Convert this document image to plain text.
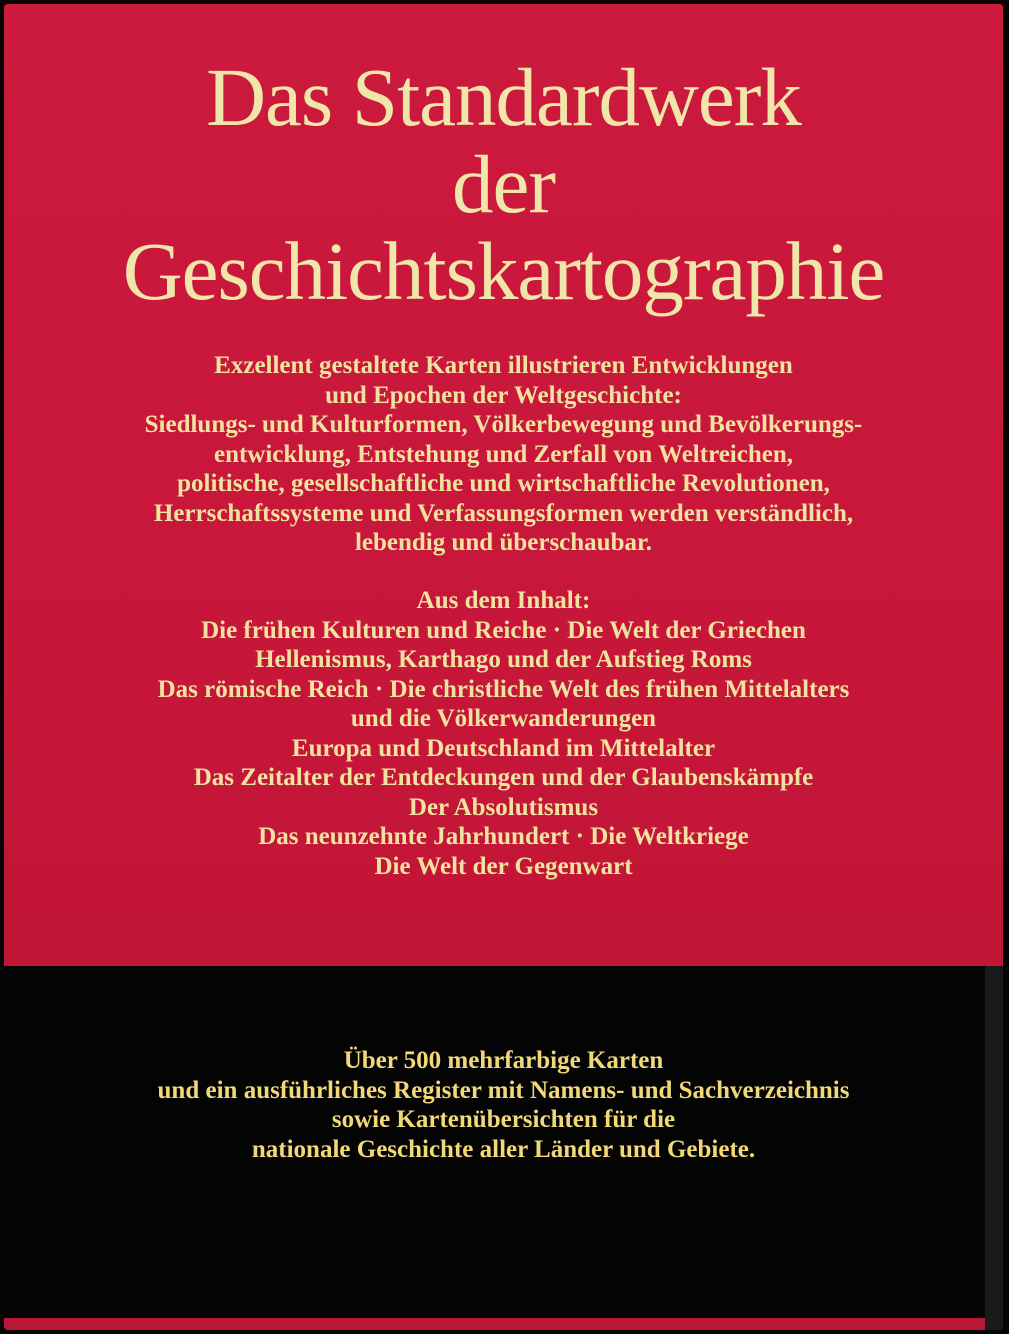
Das Standardwerk
der
Geschichtskartographie
Exzellent gestaltete Karten illustrieren Entwicklungen
und Epochen der Weltgeschichte:
Siedlungs- und Kulturformen, Völkerbewegung und Bevölkerungs-
entwicklung, Entstehung und Zerfall von Weltreichen,
politische, gesellschaftliche und wirtschaftliche Revolutionen,
Herrschaftssysteme und Verfassungsformen werden verständlich,
lebendig und überschaubar.
Aus dem Inhalt:
Die frühen Kulturen und Reiche · Die Welt der Griechen
Hellenismus, Karthago und der Aufstieg Roms
Das römische Reich · Die christliche Welt des frühen Mittelalters
und die Völkerwanderungen
Europa und Deutschland im Mittelalter
Das Zeitalter der Entdeckungen und der Glaubenskämpfe
Der Absolutismus
Das neunzehnte Jahrhundert · Die Weltkriege
Die Welt der Gegenwart
Über 500 mehrfarbige Karten
und ein ausführliches Register mit Namens- und Sachverzeichnis
sowie Kartenübersichten für die
nationale Geschichte aller Länder und Gebiete.
